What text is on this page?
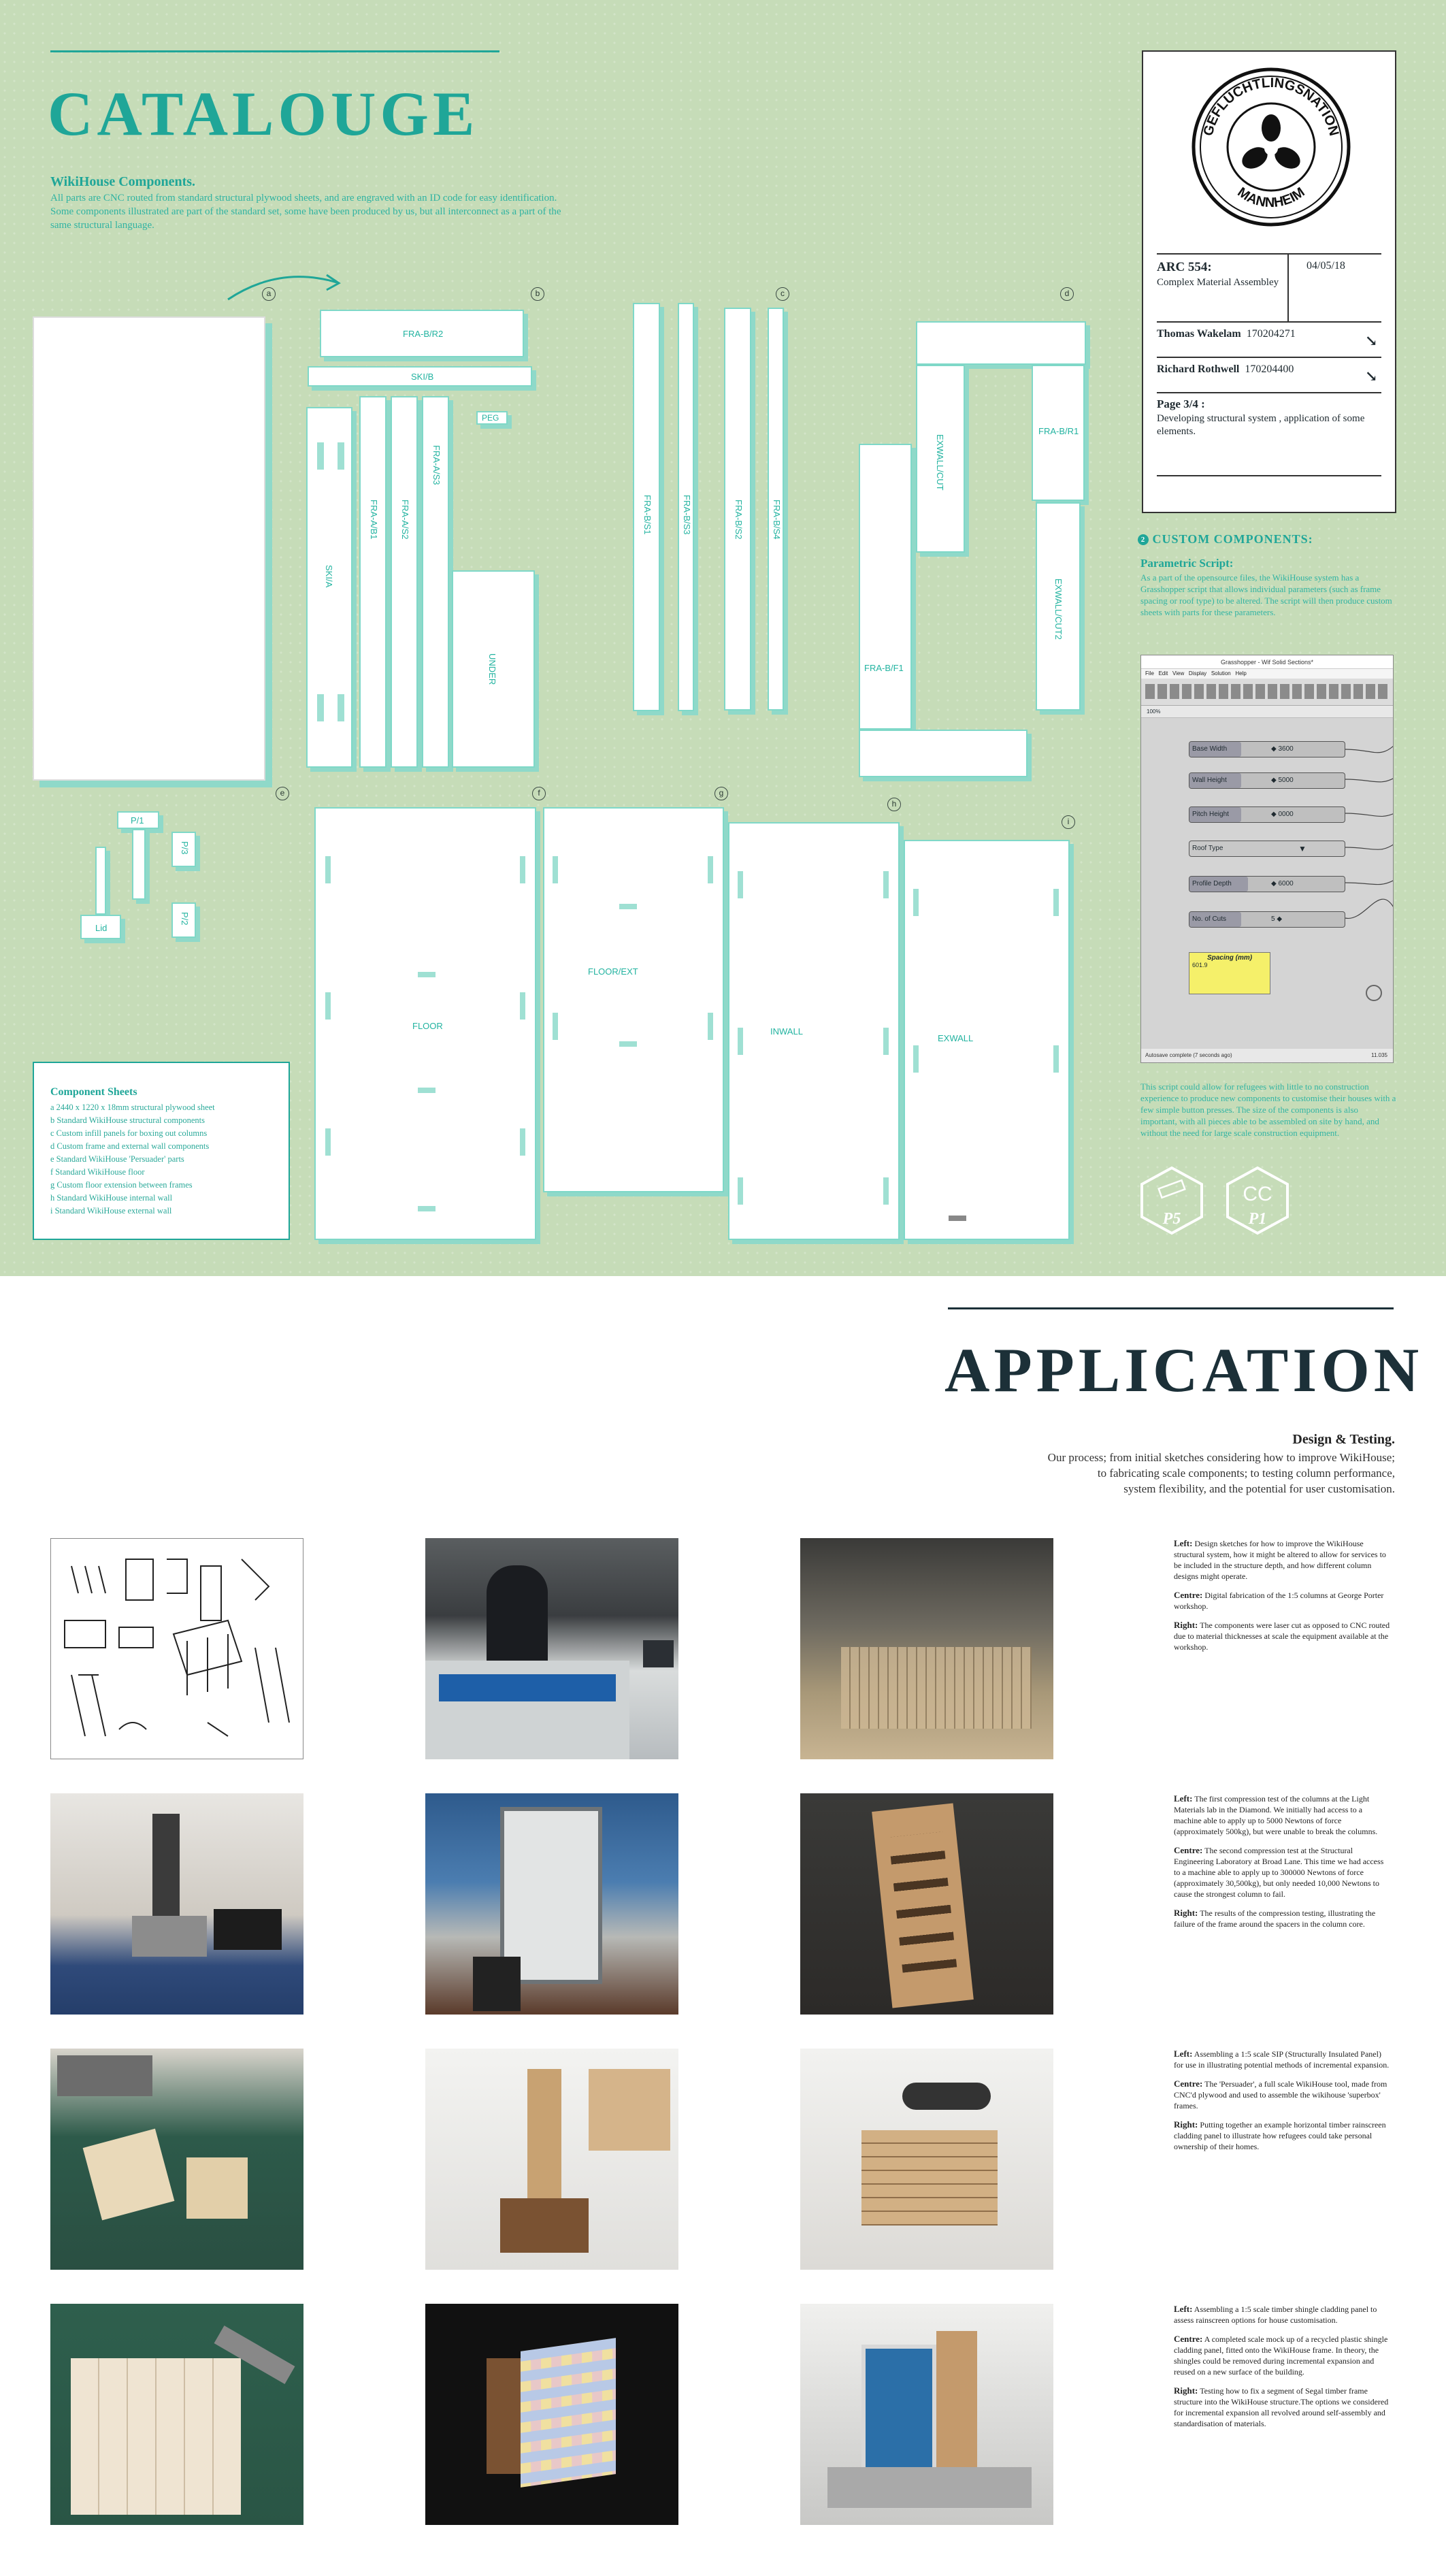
CATALOUGE
WikiHouse Components.
All parts are CNC routed from standard structural plywood sheets, and are engraved with an ID code for easy identification. Some components illustrated are part of the standard set, some have been produced by us, but all interconnect as a part of the same structural language.
a	b	c	d
e	f	g
h
i
FRA-B/R2
SKI/B
PEG
SKI/A
FRA-A/B1 FRA-A/S2
FRA-A/S3
UNDER
FRA-B/S1	FRA-B/S3	FRA-B/S2	FRA-B/S4
EXWALL/CUT
FRA-B/R1
FRA-B/F1
EXWALL/CUT2
P/1
P/3
P/2
Lid
FLOOR
FLOOR/EXT
INWALL
EXWALL
Component Sheets
a 2440 x 1220 x 18mm structural plywood sheet
b Standard WikiHouse structural components
c Custom infill panels for boxing out columns
d Custom frame and external wall components
e Standard WikiHouse 'Persuader' parts
f Standard WikiHouse floor
g Custom floor extension between frames
h Standard WikiHouse internal wall
i Standard WikiHouse external wall
GEFLÜCHTLINGSNATION
MANNHEIM
ARC 554:
Complex Material Assembley
04/05/18
Thomas Wakelam 170204271	↘
Richard Rothwell 170204400	↘
Page 3/4 :
Developing structural system , application of some elements.
2 CUSTOM COMPONENTS:
Parametric Script:
As a part of the opensource files, the WikiHouse system has a Grasshopper script that allows individual parameters (such as frame spacing or roof type) to be altered. The script will then produce custom sheets with parts for these parameters.
Grasshopper - Wif Solid Sections*
File Edit View Display Solution Help
100%
Base Width	◆ 3600
Wall Height	◆ 5000
Pitch Height	◆ 0000
Roof Type	▼
Profile Depth	◆ 6000
No. of Cuts	5 ◆
Spacing (mm)
601.9
Autosave complete (7 seconds ago)	11.035
This script could allow for refugees with little to no construction experience to produce new components to customise their houses with a few simple button presses. The size of the components is also important, with all pieces able to be assembled on site by hand, and without the need for large scale construction equipment.
P5
CC
P1
APPLICATION
Design & Testing.
Our process; from initial sketches considering how to improve WikiHouse;
to fabricating scale components; to testing column performance,
system flexibility, and the potential for user customisation.

Left: Design sketches for how to improve the WikiHouse structural system, how it might be altered to allow for services to be included in the structure depth, and how different column designs might operate.

Centre: Digital fabrication of the 1:5 columns at George Porter workshop.

Right: The components were laser cut as opposed to CNC routed due to material thicknesses at scale the equipment available at the workshop.

Left: The first compression test of the columns at the Light Materials lab in the Diamond. We initially had access to a machine able to apply up to 5000 Newtons of force (approximately 500kg), but were unable to break the columns.

Centre: The second compression test at the Structural Engineering Laboratory at Broad Lane. This time we had access to a machine able to apply up to 300000 Newtons of force (approximately 30,500kg), but only needed 10,000 Newtons to cause the strongest column to fail.

Right: The results of the compression testing, illustrating the failure of the frame around the spacers in the column core.

Left: Assembling a 1:5 scale SIP (Structurally Insulated Panel) for use in illustrating potential methods of incremental expansion.

Centre: The 'Persuader', a full scale WikiHouse tool, made from CNC'd plywood and used to assemble the wikihouse 'superbox' frames.

Right: Putting together an example horizontal timber rainscreen cladding panel to illustrate how refugees could take personal ownership of their homes.

Left: Assembling a 1:5 scale timber shingle cladding panel to assess rainscreen options for house customisation.

Centre: A completed scale mock up of a recycled plastic shingle cladding panel, fitted onto the WikiHouse frame. In theory, the shingles could be removed during incremental expansion and reused on a new surface of the building.

Right: Testing how to fix a segment of Segal timber frame structure into the WikiHouse structure.The options we considered for incremental expansion all revolved around self-assembly and standardisation of materials.
